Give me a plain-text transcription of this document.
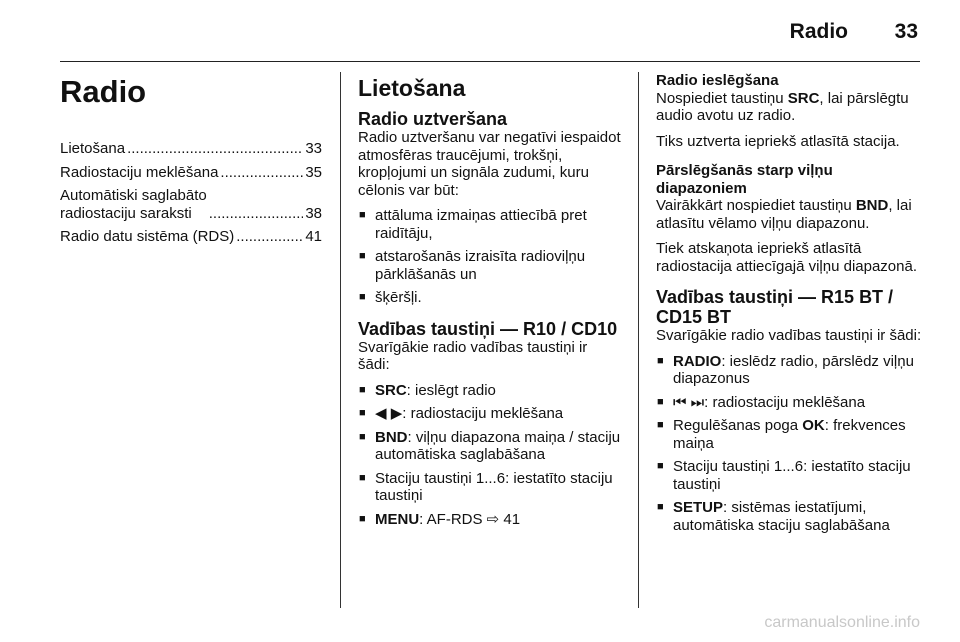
Radio 33
Radio
Lietošana .....	33
Radiostaciju meklēšana .....	35
Automātiski saglabāto
radiostaciju saraksti .....	38
Radio datu sistēma (RDS) .....	41
Lietošana
Radio uztveršana

Radio uztveršanu var negatīvi iespaidot atmosfēras traucējumi, trokšņi, kropļojumi un signāla zudumi, kuru cēlonis var būt:

■ attāluma izmaiņas attiecībā pret raidītāju,
■ atstarošanās izraisīta radioviļņu pārklāšanās un
■ šķēršļi.
Vadības taustiņi — R10 / CD10

Svarīgākie radio vadības taustiņi ir šādi:

■ SRC: ieslēgt radio
■ ◀ ▶: radiostaciju meklēšana
■ BND: viļņu diapazona maiņa / staciju automātiska saglabāšana
■ Staciju taustiņi 1...6: iestatīto staciju taustiņi
■ MENU: AF-RDS ⇨ 41
Radio ieslēgšana

Nospiediet taustiņu SRC, lai pārslēgtu audio avotu uz radio.

Tiks uztverta iepriekš atlasītā stacija.

Pārslēgšanās starp viļņu diapazoniem

Vairākkārt nospiediet taustiņu BND, lai atlasītu vēlamo viļņu diapazonu.

Tiek atskaņota iepriekš atlasītā radiostacija attiecīgajā viļņu diapazonā.

Vadības taustiņi — R15 BT / CD15 BT

Svarīgākie radio vadības taustiņi ir šādi:

■ RADIO: ieslēdz radio, pārslēdz viļņu diapazonus
■ ⏮ ⏭: radiostaciju meklēšana
■ Regulēšanas poga OK: frekvences maiņa
■ Staciju taustiņi 1...6: iestatīto staciju taustiņi
■ SETUP: sistēmas iestatījumi, automātiska staciju saglabāšana
carmanualsonline.info
